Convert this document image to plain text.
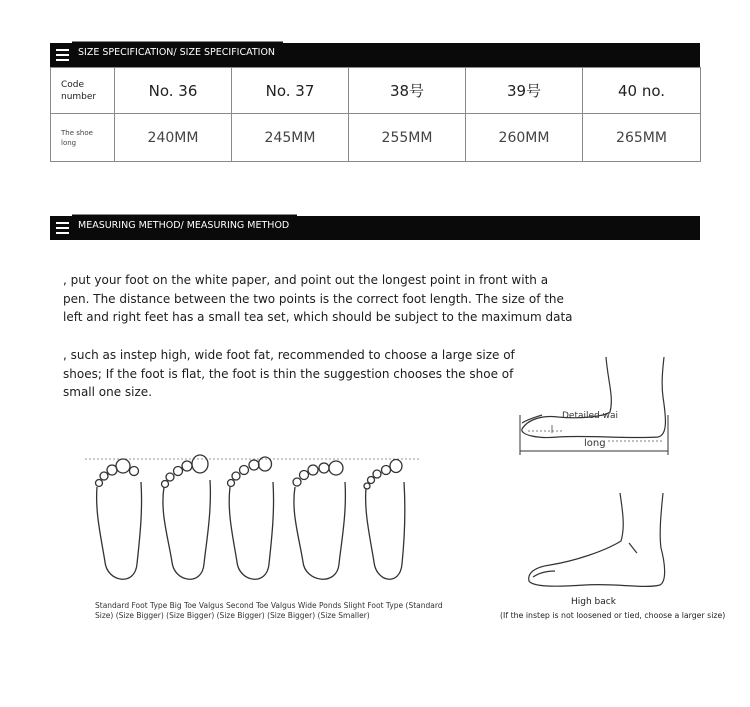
SIZE SPECIFICATION/ SIZE SPECIFICATION
Code
number	No. 36	No. 37	38号	39号	40 no.

The shoe
long	240MM	245MM	255MM	260MM	265MM
MEASURING METHOD/ MEASURING METHOD
, put your foot on the white paper, and point out the longest point in front with a
pen. The distance between the two points is the correct foot length. The size of the
left and right feet has a small tea set, which should be subject to the maximum data
, such as instep high, wide foot fat, recommended to choose a large size of
shoes; If the foot is flat, the foot is thin the suggestion chooses the shoe of
small one size.
Standard Foot Type Big Toe Valgus Second Toe Valgus Wide Ponds Slight Foot Type (Standard
Size) (Size Bigger) (Size Bigger) (Size Bigger) (Size Bigger) (Size Smaller)
Detailed wai
long
High back
(If the instep is not loosened or tied, choose a larger size)
